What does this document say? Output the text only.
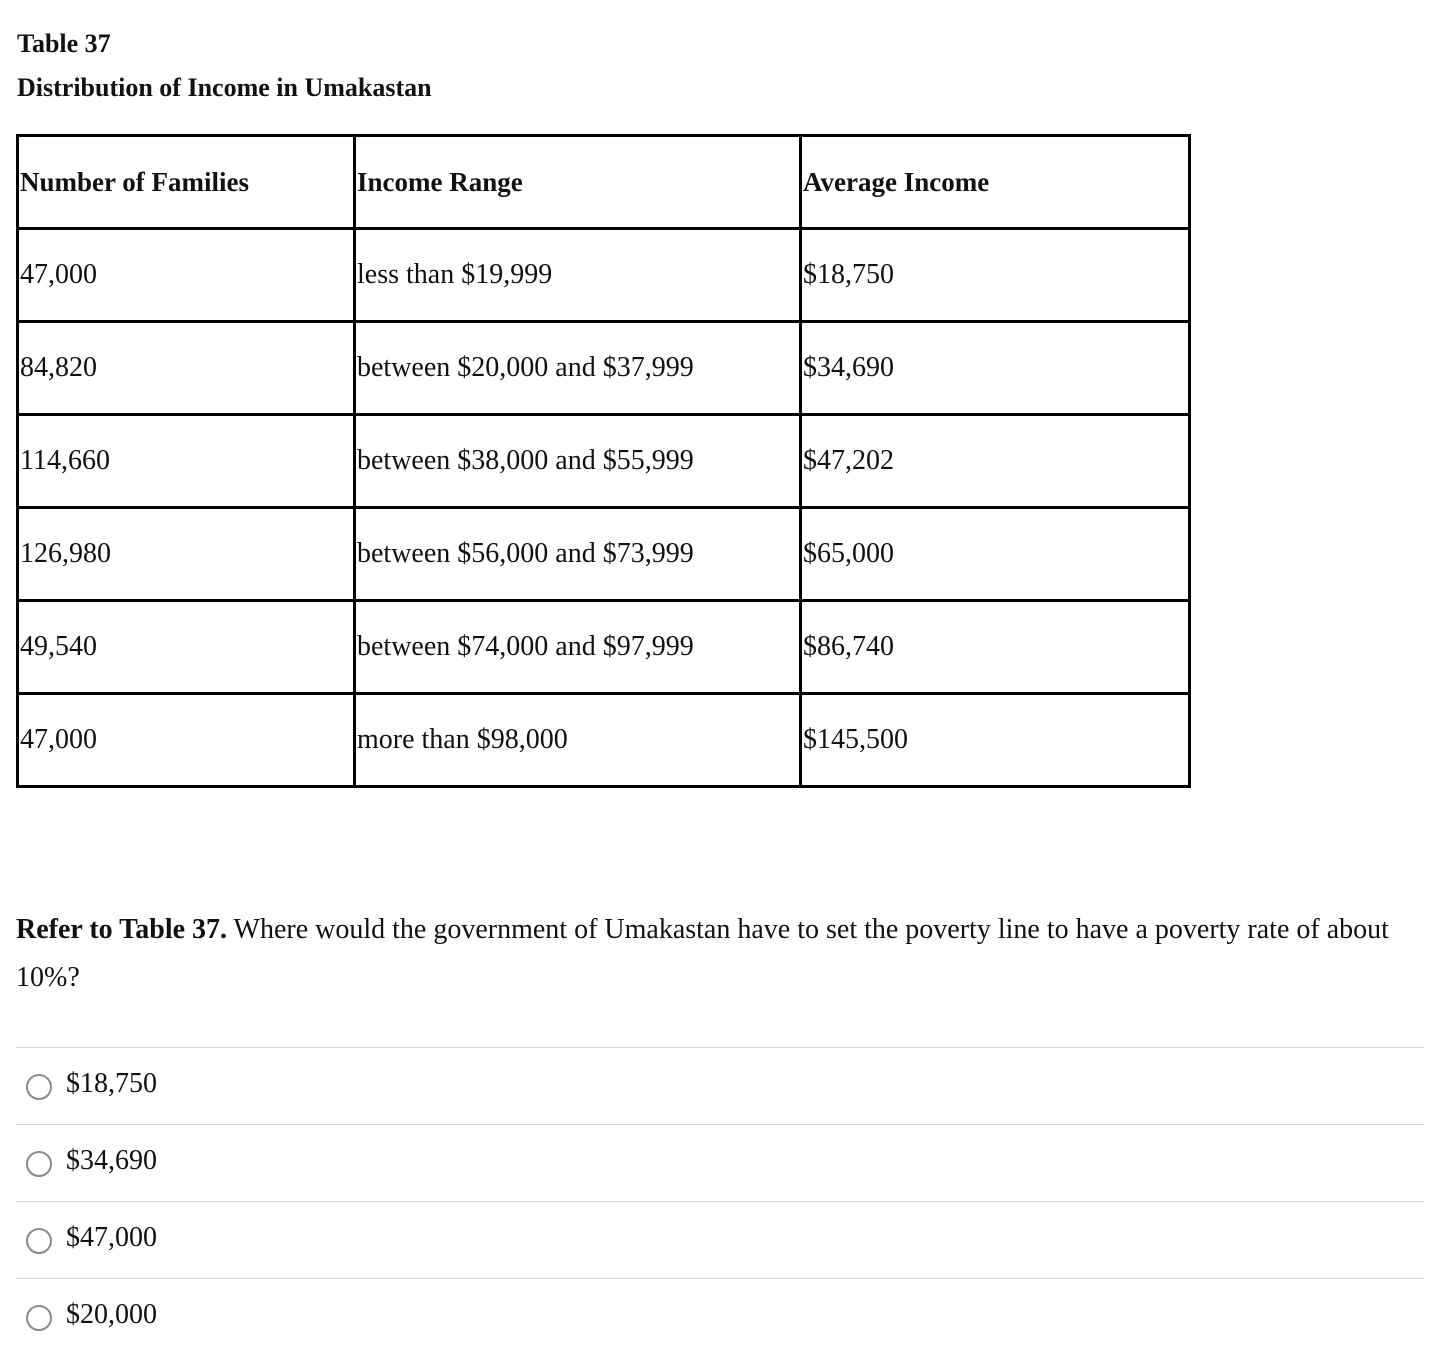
Table 37
Distribution of Income in Umakastan
Number of Families	Income Range	Average Income
47,000	less than $19,999	$18,750
84,820	between $20,000 and $37,999	$34,690
114,660	between $38,000 and $55,999	$47,202
126,980	between $56,000 and $73,999	$65,000
49,540	between $74,000 and $97,999	$86,740
47,000	more than $98,000	$145,500
Refer to Table 37. Where would the government of Umakastan have to set the poverty line to have a poverty rate of about 10%?
$18,750
$34,690
$47,000
$20,000
